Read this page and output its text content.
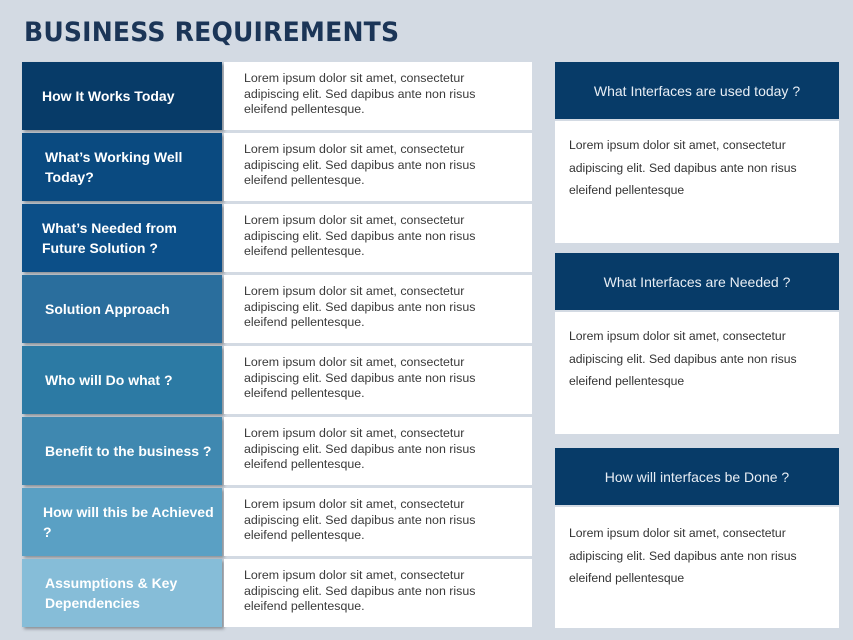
BUSINESS REQUIREMENTS
How It Works Today
Lorem ipsum dolor sit amet, consectetur adipiscing elit. Sed dapibus ante non risus eleifend pellentesque.
What’s Working Well Today?
Lorem ipsum dolor sit amet, consectetur adipiscing elit. Sed dapibus ante non risus eleifend pellentesque.
What’s Needed from Future Solution ?
Lorem ipsum dolor sit amet, consectetur adipiscing elit. Sed dapibus ante non risus eleifend pellentesque.
Solution Approach
Lorem ipsum dolor sit amet, consectetur adipiscing elit. Sed dapibus ante non risus eleifend pellentesque.
Who will Do what ?
Lorem ipsum dolor sit amet, consectetur adipiscing elit. Sed dapibus ante non risus eleifend pellentesque.
Benefit to the business ?
Lorem ipsum dolor sit amet, consectetur adipiscing elit. Sed dapibus ante non risus eleifend pellentesque.
How will this be Achieved ?
Lorem ipsum dolor sit amet, consectetur adipiscing elit. Sed dapibus ante non risus eleifend pellentesque.
Assumptions & Key Dependencies
Lorem ipsum dolor sit amet, consectetur adipiscing elit. Sed dapibus ante non risus eleifend pellentesque.
What Interfaces are used today ?
Lorem ipsum dolor sit amet, consectetur adipiscing elit. Sed dapibus ante non risus eleifend pellentesque
What Interfaces are Needed ?
Lorem ipsum dolor sit amet, consectetur adipiscing elit. Sed dapibus ante non risus eleifend pellentesque
How will interfaces be Done ?
Lorem ipsum dolor sit amet, consectetur adipiscing elit. Sed dapibus ante non risus eleifend pellentesque
